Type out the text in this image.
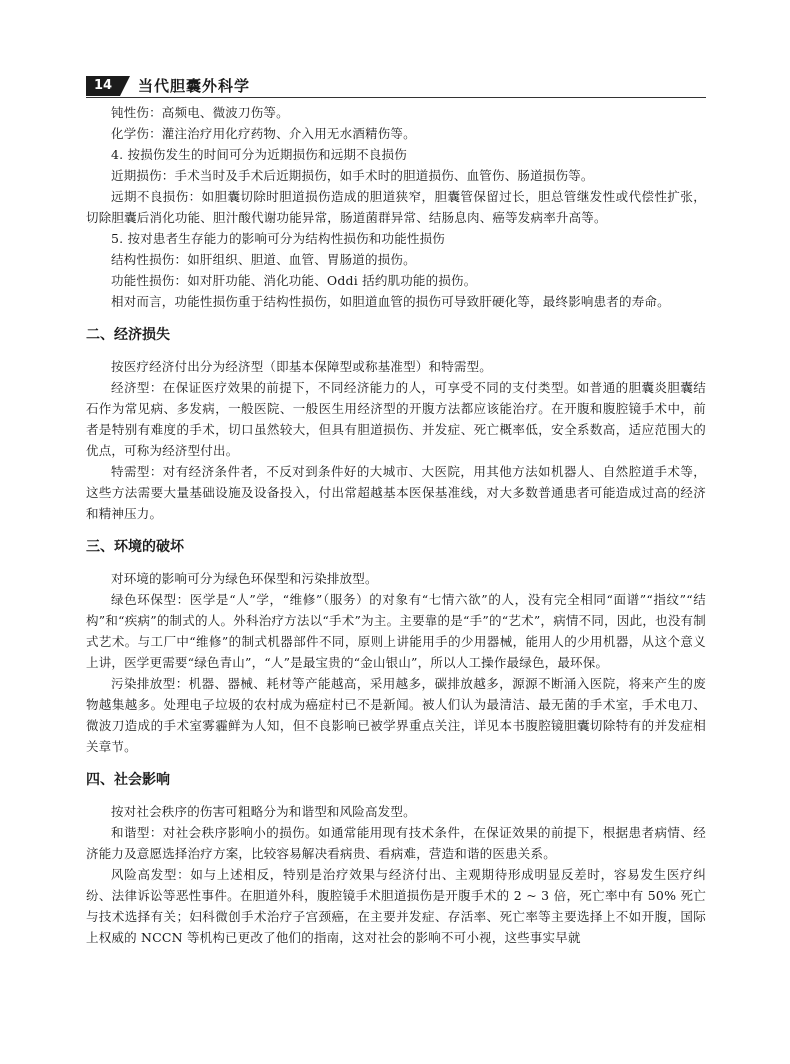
14	当代胆囊外科学

钝性伤：高频电、微波刀伤等。

化学伤：灌注治疗用化疗药物、介入用无水酒精伤等。

4. 按损伤发生的时间可分为近期损伤和远期不良损伤

近期损伤：手术当时及手术后近期损伤，如手术时的胆道损伤、血管伤、肠道损伤等。

远期不良损伤：如胆囊切除时胆道损伤造成的胆道狭窄，胆囊管保留过长，胆总管继发性或代偿性扩张，切除胆囊后消化功能、胆汁酸代谢功能异常，肠道菌群异常、结肠息肉、癌等发病率升高等。

5. 按对患者生存能力的影响可分为结构性损伤和功能性损伤

结构性损伤：如肝组织、胆道、血管、胃肠道的损伤。

功能性损伤：如对肝功能、消化功能、Oddi 括约肌功能的损伤。

相对而言，功能性损伤重于结构性损伤，如胆道血管的损伤可导致肝硬化等，最终影响患者的寿命。

二、经济损失

按医疗经济付出分为经济型（即基本保障型或称基准型）和特需型。

经济型：在保证医疗效果的前提下，不同经济能力的人，可享受不同的支付类型。如普通的胆囊炎胆囊结石作为常见病、多发病，一般医院、一般医生用经济型的开腹方法都应该能治疗。在开腹和腹腔镜手术中，前者是特别有难度的手术，切口虽然较大，但具有胆道损伤、并发症、死亡概率低，安全系数高，适应范围大的优点，可称为经济型付出。

特需型：对有经济条件者，不反对到条件好的大城市、大医院，用其他方法如机器人、自然腔道手术等，这些方法需要大量基础设施及设备投入，付出常超越基本医保基准线，对大多数普通患者可能造成过高的经济和精神压力。

三、环境的破坏

对环境的影响可分为绿色环保型和污染排放型。

绿色环保型：医学是“人”学，“维修”（服务）的对象有“七情六欲”的人，没有完全相同“面谱”“指纹”“结构”和“疾病”的制式的人。外科治疗方法以“手术”为主。主要靠的是“手”的“艺术”，病情不同，因此，也没有制式艺术。与工厂中“维修”的制式机器部件不同，原则上讲能用手的少用器械，能用人的少用机器，从这个意义上讲，医学更需要“绿色青山”，“人”是最宝贵的“金山银山”，所以人工操作最绿色，最环保。

污染排放型：机器、器械、耗材等产能越高，采用越多，碳排放越多，源源不断涌入医院，将来产生的废物越集越多。处理电子垃圾的农村成为癌症村已不是新闻。被人们认为最清洁、最无菌的手术室，手术电刀、微波刀造成的手术室雾霾鲜为人知，但不良影响已被学界重点关注，详见本书腹腔镜胆囊切除特有的并发症相关章节。

四、社会影响

按对社会秩序的伤害可粗略分为和谐型和风险高发型。

和谐型：对社会秩序影响小的损伤。如通常能用现有技术条件，在保证效果的前提下，根据患者病情、经济能力及意愿选择治疗方案，比较容易解决看病贵、看病难，营造和谐的医患关系。

风险高发型：如与上述相反，特别是治疗效果与经济付出、主观期待形成明显反差时，容易发生医疗纠纷、法律诉讼等恶性事件。在胆道外科，腹腔镜手术胆道损伤是开腹手术的 2 ~ 3 倍，死亡率中有 50% 死亡与技术选择有关；妇科微创手术治疗子宫颈癌，在主要并发症、存活率、死亡率等主要选择上不如开腹，国际上权威的 NCCN 等机构已更改了他们的指南，这对社会的影响不可小视，这些事实早就
